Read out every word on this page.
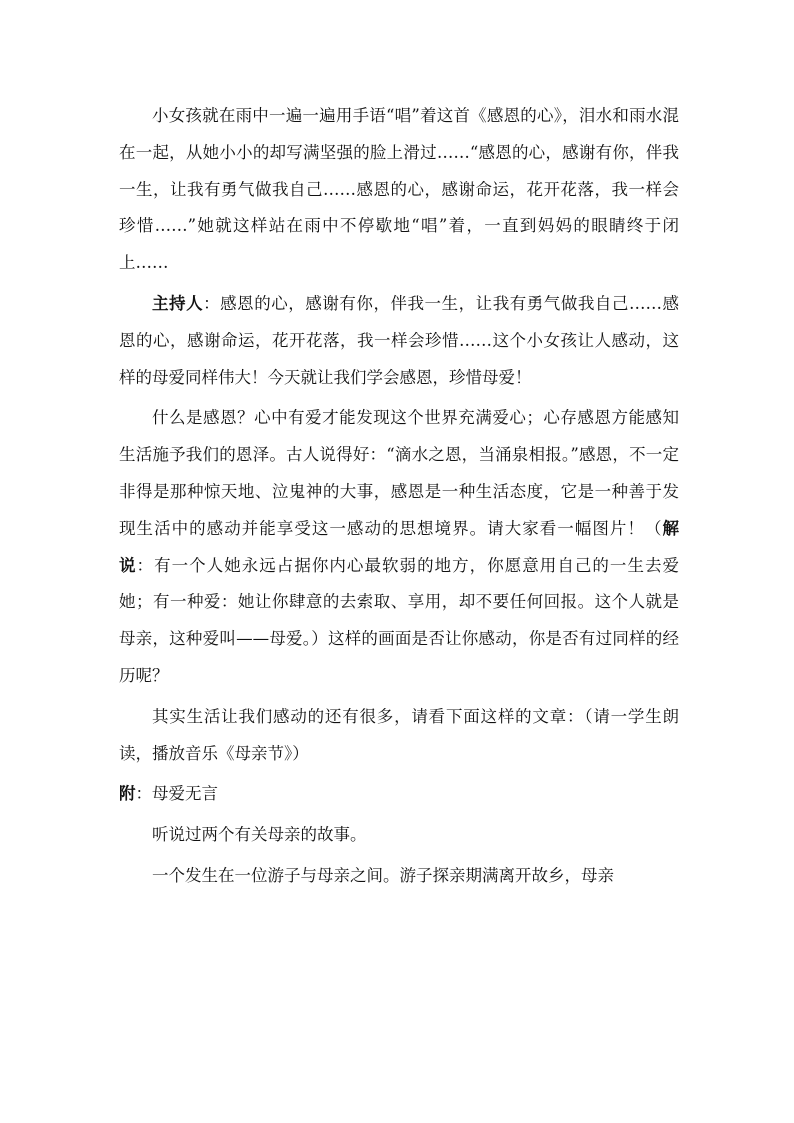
小女孩就在雨中一遍一遍用手语“唱”着这首《感恩的心》，泪水和雨水混在一起，从她小小的却写满坚强的脸上滑过……“感恩的心，感谢有你，伴我一生，让我有勇气做我自己……感恩的心，感谢命运，花开花落，我一样会珍惜……”她就这样站在雨中不停歇地“唱”着，一直到妈妈的眼睛终于闭上……

主持人：感恩的心，感谢有你，伴我一生，让我有勇气做我自己……感恩的心，感谢命运，花开花落，我一样会珍惜……这个小女孩让人感动，这样的母爱同样伟大！今天就让我们学会感恩，珍惜母爱！

什么是感恩？心中有爱才能发现这个世界充满爱心；心存感恩方能感知生活施予我们的恩泽。古人说得好：“滴水之恩，当涌泉相报。”感恩，不一定非得是那种惊天地、泣鬼神的大事，感恩是一种生活态度，它是一种善于发现生活中的感动并能享受这一感动的思想境界。请大家看一幅图片！（解说：有一个人她永远占据你内心最软弱的地方，你愿意用自己的一生去爱她；有一种爱：她让你肆意的去索取、享用，却不要任何回报。这个人就是母亲，这种爱叫——母爱。）这样的画面是否让你感动，你是否有过同样的经历呢？

其实生活让我们感动的还有很多，请看下面这样的文章：（请一学生朗读，播放音乐《母亲节》）

附：母爱无言

听说过两个有关母亲的故事。

一个发生在一位游子与母亲之间。游子探亲期满离开故乡，母亲
